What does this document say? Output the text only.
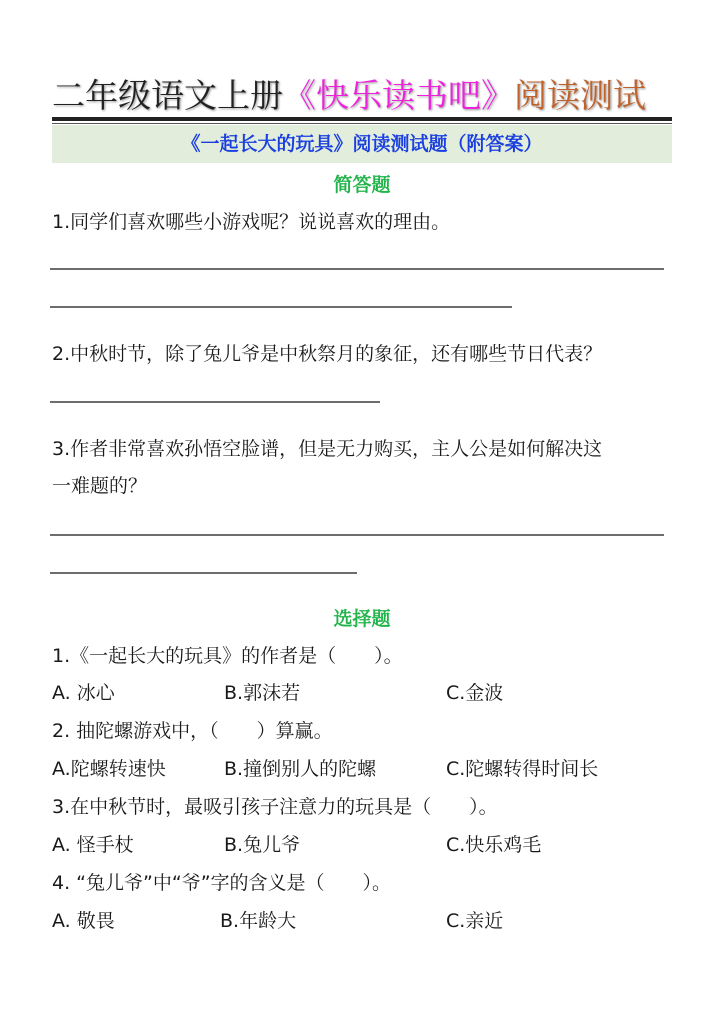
二年级语文上册《快乐读书吧》阅读测试
《一起长大的玩具》阅读测试题（附答案）
简答题
1.同学们喜欢哪些小游戏呢？说说喜欢的理由。
2.中秋时节，除了兔儿爷是中秋祭月的象征，还有哪些节日代表？
3.作者非常喜欢孙悟空脸谱，但是无力购买，主人公是如何解决这
一难题的？
选择题
1.《一起长大的玩具》的作者是（　　）。
A. 冰心	B.郭沫若	C.金波
2. 抽陀螺游戏中，（　　）算赢。
A.陀螺转速快	B.撞倒别人的陀螺	C.陀螺转得时间长
3.在中秋节时，最吸引孩子注意力的玩具是（　　）。
A. 怪手杖	B.兔儿爷	C.快乐鸡毛
4. “兔儿爷”中“爷”字的含义是（　　）。
A. 敬畏	B.年龄大	C.亲近
